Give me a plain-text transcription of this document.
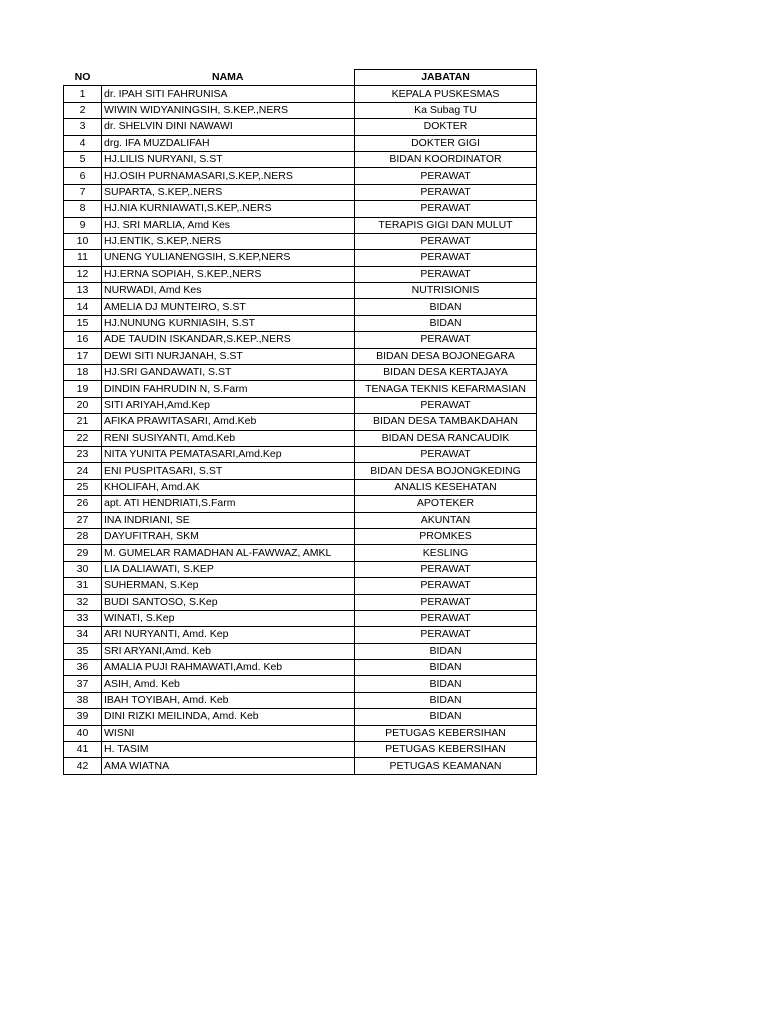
NO	NAMA	JABATAN
1	dr. IPAH SITI FAHRUNISA	KEPALA PUSKESMAS
2	WIWIN WIDYANINGSIH, S.KEP.,NERS	Ka Subag TU
3	dr. SHELVIN DINI NAWAWI	DOKTER
4	drg. IFA MUZDALIFAH	DOKTER GIGI
5	HJ.LILIS NURYANI, S.ST	BIDAN KOORDINATOR
6	HJ.OSIH PURNAMASARI,S.KEP,.NERS	PERAWAT
7	SUPARTA, S.KEP,.NERS	PERAWAT
8	HJ.NIA KURNIAWATI,S.KEP,.NERS	PERAWAT
9	HJ. SRI MARLIA, Amd Kes	TERAPIS GIGI DAN MULUT
10	HJ.ENTIK, S.KEP,.NERS	PERAWAT
11	UNENG YULIANENGSIH, S.KEP,NERS	PERAWAT
12	HJ.ERNA SOPIAH, S.KEP.,NERS	PERAWAT
13	NURWADI, Amd Kes	NUTRISIONIS
14	AMELIA DJ MUNTEIRO, S.ST	BIDAN
15	HJ.NUNUNG KURNIASIH, S.ST	BIDAN
16	ADE TAUDIN ISKANDAR,S.KEP.,NERS	PERAWAT
17	DEWI SITI NURJANAH, S.ST	BIDAN DESA BOJONEGARA
18	HJ.SRI GANDAWATI, S.ST	BIDAN DESA KERTAJAYA
19	DINDIN FAHRUDIN N, S.Farm	TENAGA TEKNIS KEFARMASIAN
20	SITI ARIYAH,Amd.Kep	PERAWAT
21	AFIKA PRAWITASARI, Amd.Keb	BIDAN DESA TAMBAKDAHAN
22	RENI SUSIYANTI, Amd.Keb	BIDAN DESA RANCAUDIK
23	NITA YUNITA PEMATASARI,Amd.Kep	PERAWAT
24	ENI PUSPITASARI, S.ST	BIDAN DESA BOJONGKEDING
25	KHOLIFAH, Amd.AK	ANALIS KESEHATAN
26	apt. ATI HENDRIATI,S.Farm	APOTEKER
27	INA INDRIANI, SE	AKUNTAN
28	DAYUFITRAH, SKM	PROMKES
29	M. GUMELAR RAMADHAN AL-FAWWAZ, AMKL	KESLING
30	LIA DALIAWATI, S.KEP	PERAWAT
31	SUHERMAN, S.Kep	PERAWAT
32	BUDI SANTOSO, S.Kep	PERAWAT
33	WINATI, S.Kep	PERAWAT
34	ARI NURYANTI, Amd. Kep	PERAWAT
35	SRI ARYANI,Amd. Keb	BIDAN
36	AMALIA PUJI RAHMAWATI,Amd. Keb	BIDAN
37	ASIH, Amd. Keb	BIDAN
38	IBAH TOYIBAH, Amd. Keb	BIDAN
39	DINI RIZKI MEILINDA, Amd. Keb	BIDAN
40	WISNI	PETUGAS KEBERSIHAN
41	H. TASIM	PETUGAS KEBERSIHAN
42	AMA WIATNA	PETUGAS KEAMANAN
